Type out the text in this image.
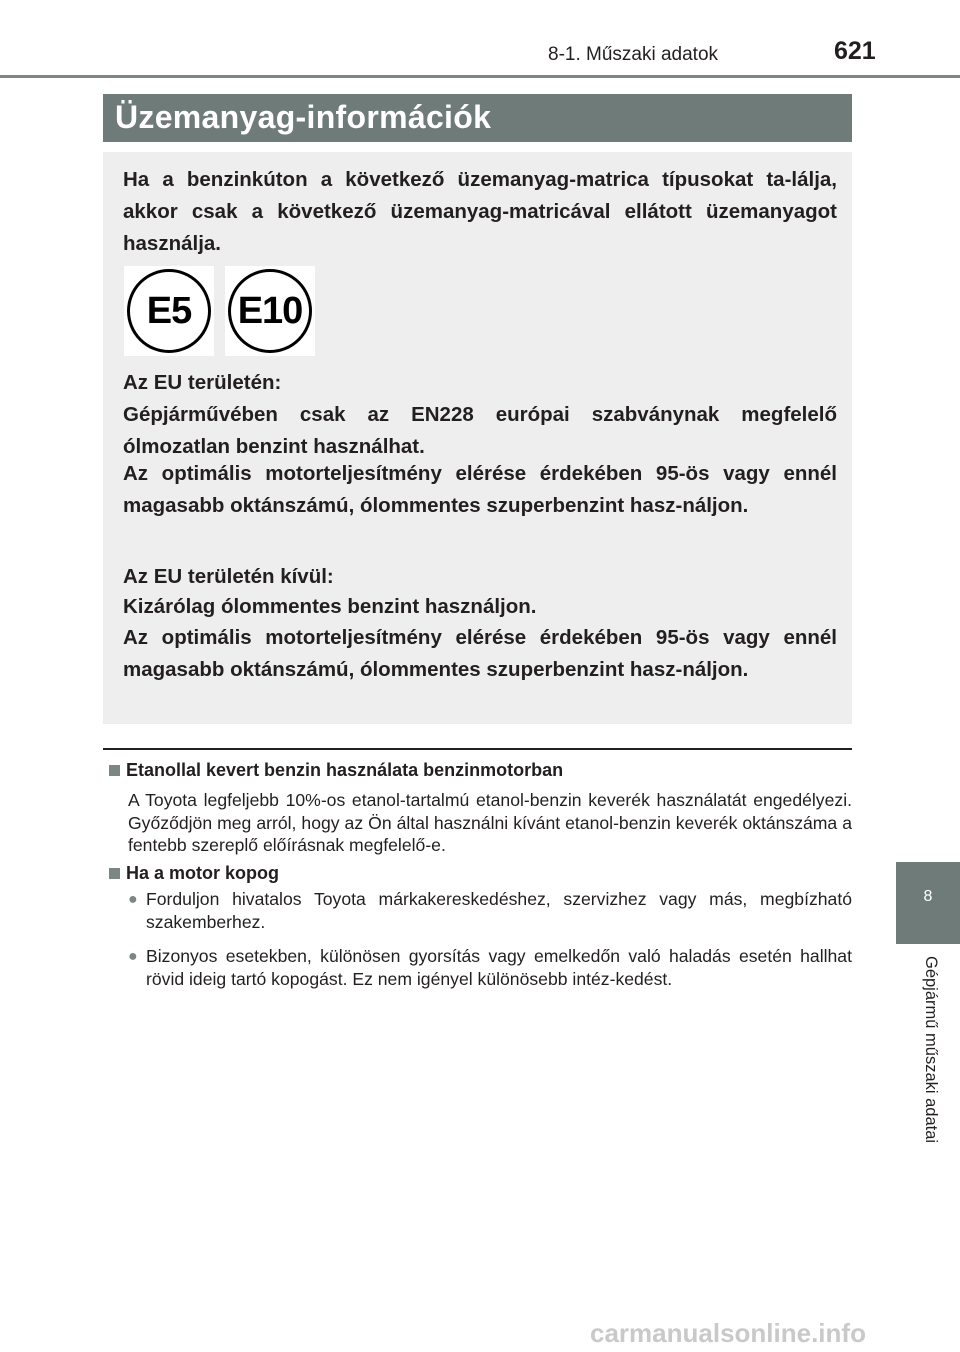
8-1. Műszaki adatok	621
Üzemanyag-információk

Ha a benzinkúton a következő üzemanyag-matrica típusokat ta-lálja, akkor csak a következő üzemanyag-matricával ellátott üzemanyagot használja.

E5	E10

Az EU területén:

Gépjárművében csak az EN228 európai szabványnak megfelelő ólmozatlan benzint használhat.

Az optimális motorteljesítmény elérése érdekében 95-ös vagy ennél magasabb oktánszámú, ólommentes szuperbenzint hasz-náljon.

Az EU területén kívül:

Kizárólag ólommentes benzint használjon.

Az optimális motorteljesítmény elérése érdekében 95-ös vagy ennél magasabb oktánszámú, ólommentes szuperbenzint hasz-náljon.

Etanollal kevert benzin használata benzinmotorban

A Toyota legfeljebb 10%-os etanol-tartalmú etanol-benzin keverék használatát engedélyezi. Győződjön meg arról, hogy az Ön által használni kívánt etanol-benzin keverék oktánszáma a fentebb szereplő előírásnak megfelelő-e.

Ha a motor kopog

● Forduljon hivatalos Toyota márkakereskedéshez, szervizhez vagy más, megbízható szakemberhez.

● Bizonyos esetekben, különösen gyorsítás vagy emelkedőn való haladás esetén hallhat rövid ideig tartó kopogást. Ez nem igényel különösebb intéz-kedést.

8
Gépjármű műszaki adatai
carmanualsonline.info
